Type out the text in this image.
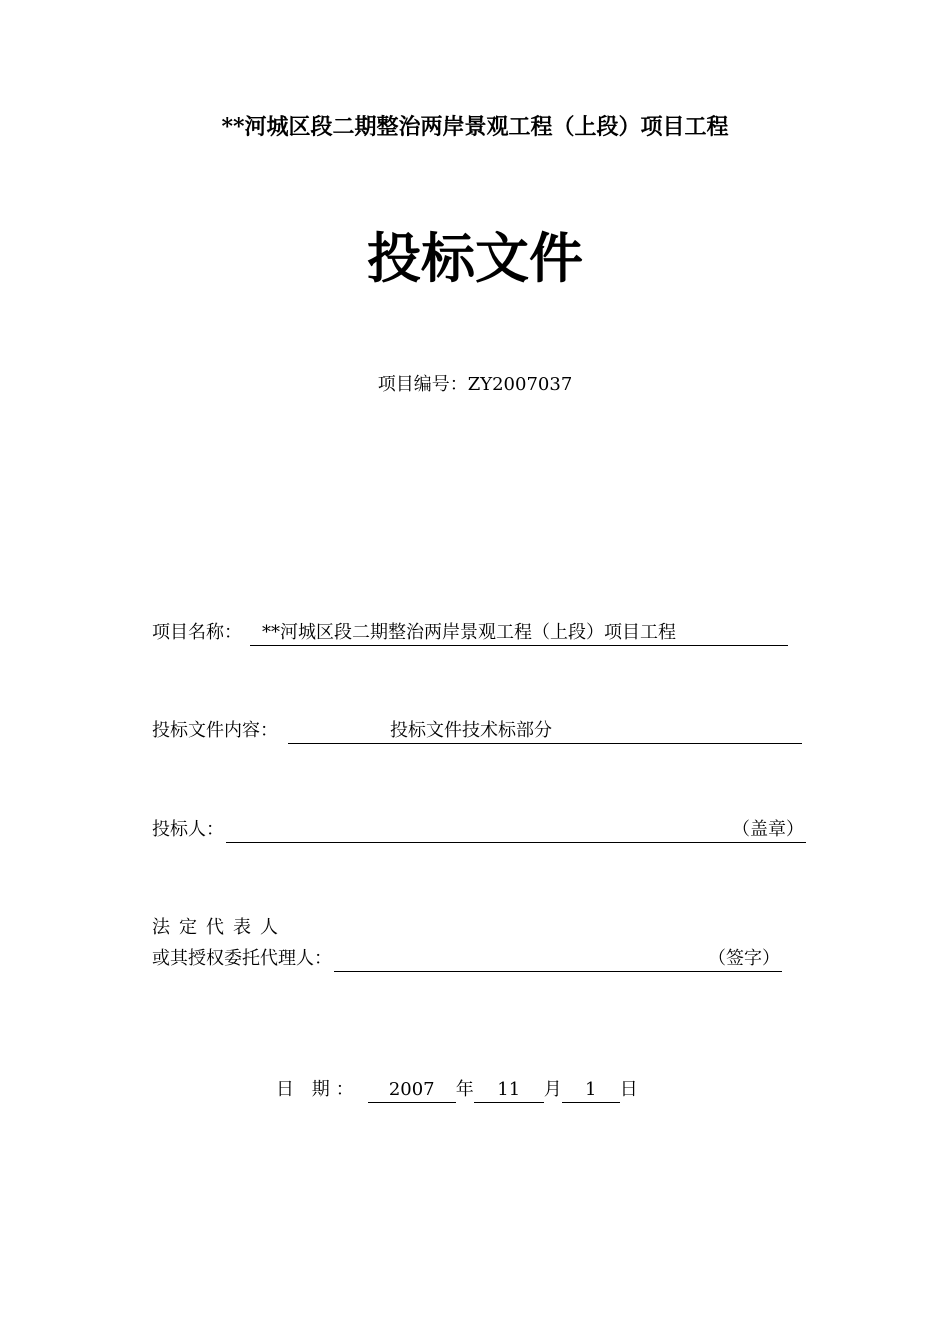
**河城区段二期整治两岸景观工程（上段）项目工程
投标文件
项目编号：ZY2007037
项目名称： **河城区段二期整治两岸景观工程（上段）项目工程
投标文件内容：	投标文件技术标部分
投标人：	（盖章）
法定代表人
或其授权委托代理人：	（签字）
日 期：	2007	年	11	月	1	日
